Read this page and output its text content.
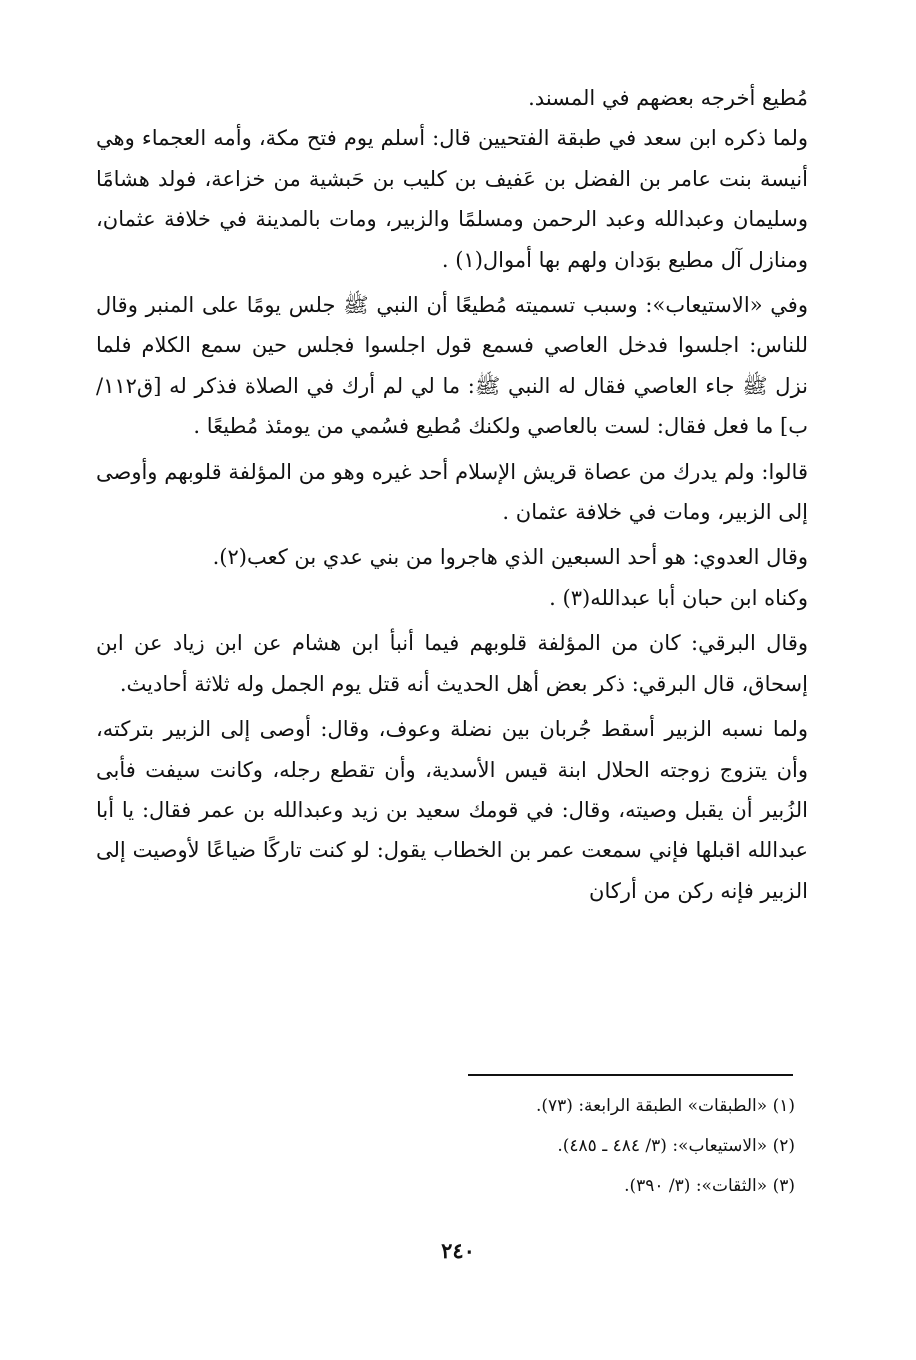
مُطيع أخرجه بعضهم في المسند.

ولما ذكره ابن سعد في طبقة الفتحيين قال: أسلم يوم فتح مكة، وأمه العجماء وهي أنيسة بنت عامر بن الفضل بن عَفيف بن كليب بن حَبشية من خزاعة، فولد هشامًا وسليمان وعبدالله وعبد الرحمن ومسلمًا والزبير، ومات بالمدينة في خلافة عثمان، ومنازل آل مطيع بوَدان ولهم بها أموال(١) .

وفي «الاستيعاب»: وسبب تسميته مُطيعًا أن النبي ﷺ جلس يومًا على المنبر وقال للناس: اجلسوا فدخل العاصي فسمع قول اجلسوا فجلس حين سمع الكلام فلما نزل ﷺ جاء العاصي فقال له النبي ﷺ: ما لي لم أرك في الصلاة فذكر له [ق١١٢/ب] ما فعل فقال: لست بالعاصي ولكنك مُطيع فسُمي من يومئذ مُطيعًا .

قالوا: ولم يدرك من عصاة قريش الإسلام أحد غيره وهو من المؤلفة قلوبهم وأوصى إلى الزبير، ومات في خلافة عثمان .

وقال العدوي: هو أحد السبعين الذي هاجروا من بني عدي بن كعب(٢).

وكناه ابن حبان أبا عبدالله(٣) .

وقال البرقي: كان من المؤلفة قلوبهم فيما أنبأ ابن هشام عن ابن زياد عن ابن إسحاق، قال البرقي: ذكر بعض أهل الحديث أنه قتل يوم الجمل وله ثلاثة أحاديث.

ولما نسبه الزبير أسقط جُربان بين نضلة وعوف، وقال: أوصى إلى الزبير بتركته، وأن يتزوج زوجته الحلال ابنة قيس الأسدية، وأن تقطع رجله، وكانت سيفت فأبى الزُبير أن يقبل وصيته، وقال: في قومك سعيد بن زيد وعبدالله بن عمر فقال: يا أبا عبدالله اقبلها فإني سمعت عمر بن الخطاب يقول: لو كنت تاركًا ضياعًا لأوصيت إلى الزبير فإنه ركن من أركان

(١) «الطبقات» الطبقة الرابعة: (٧٣).
(٢) «الاستيعاب»: (٣/ ٤٨٤ ـ ٤٨٥).
(٣) «الثقات»: (٣/ ٣٩٠).
٢٤٠
